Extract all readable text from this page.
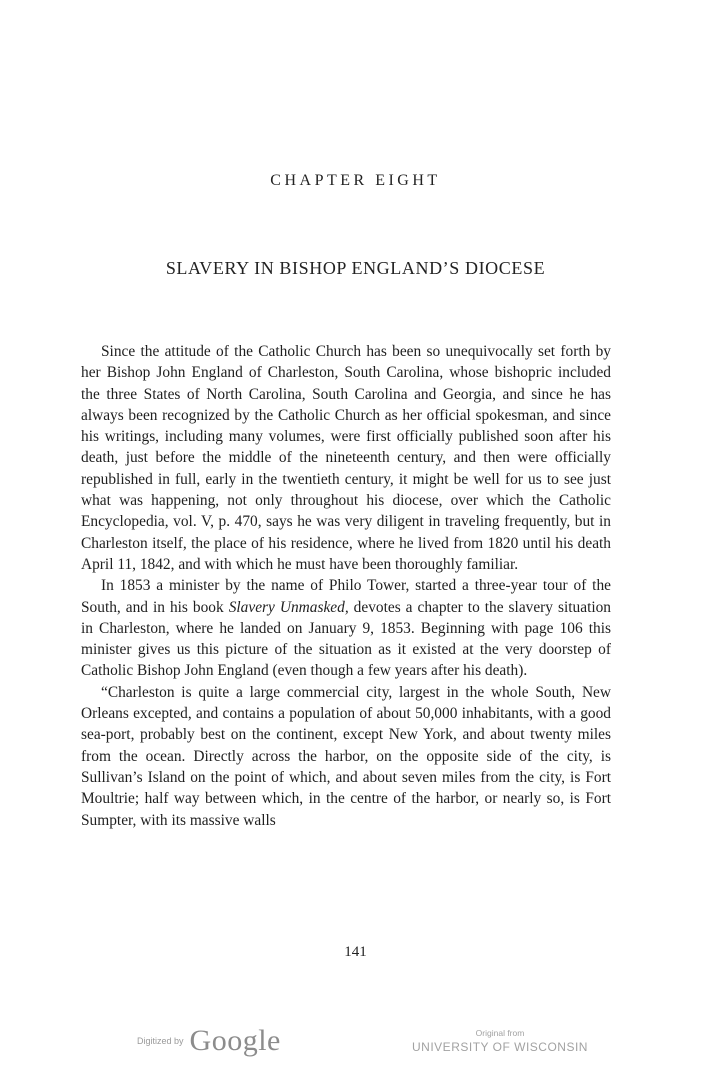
CHAPTER EIGHT
SLAVERY IN BISHOP ENGLAND’S DIOCESE

Since the attitude of the Catholic Church has been so unequivocally set forth by her Bishop John England of Charleston, South Carolina, whose bishopric included the three States of North Carolina, South Carolina and Georgia, and since he has always been recognized by the Catholic Church as her official spokesman, and since his writings, including many volumes, were first officially published soon after his death, just before the middle of the nineteenth century, and then were officially republished in full, early in the twentieth century, it might be well for us to see just what was happening, not only throughout his diocese, over which the Catholic Encyclopedia, vol. V, p. 470, says he was very diligent in traveling frequently, but in Charleston itself, the place of his residence, where he lived from 1820 until his death April 11, 1842, and with which he must have been thoroughly familiar.

In 1853 a minister by the name of Philo Tower, started a three-year tour of the South, and in his book Slavery Unmasked, devotes a chapter to the slavery situation in Charleston, where he landed on January 9, 1853. Beginning with page 106 this minister gives us this picture of the situation as it existed at the very doorstep of Catholic Bishop John England (even though a few years after his death).

“Charleston is quite a large commercial city, largest in the whole South, New Orleans excepted, and contains a population of about 50,000 inhabitants, with a good sea-port, probably best on the continent, except New York, and about twenty miles from the ocean. Directly across the harbor, on the opposite side of the city, is Sullivan’s Island on the point of which, and about seven miles from the city, is Fort Moultrie; half way between which, in the centre of the harbor, or nearly so, is Fort Sumpter, with its massive walls

141
Digitized by Google	Original from
UNIVERSITY OF WISCONSIN
